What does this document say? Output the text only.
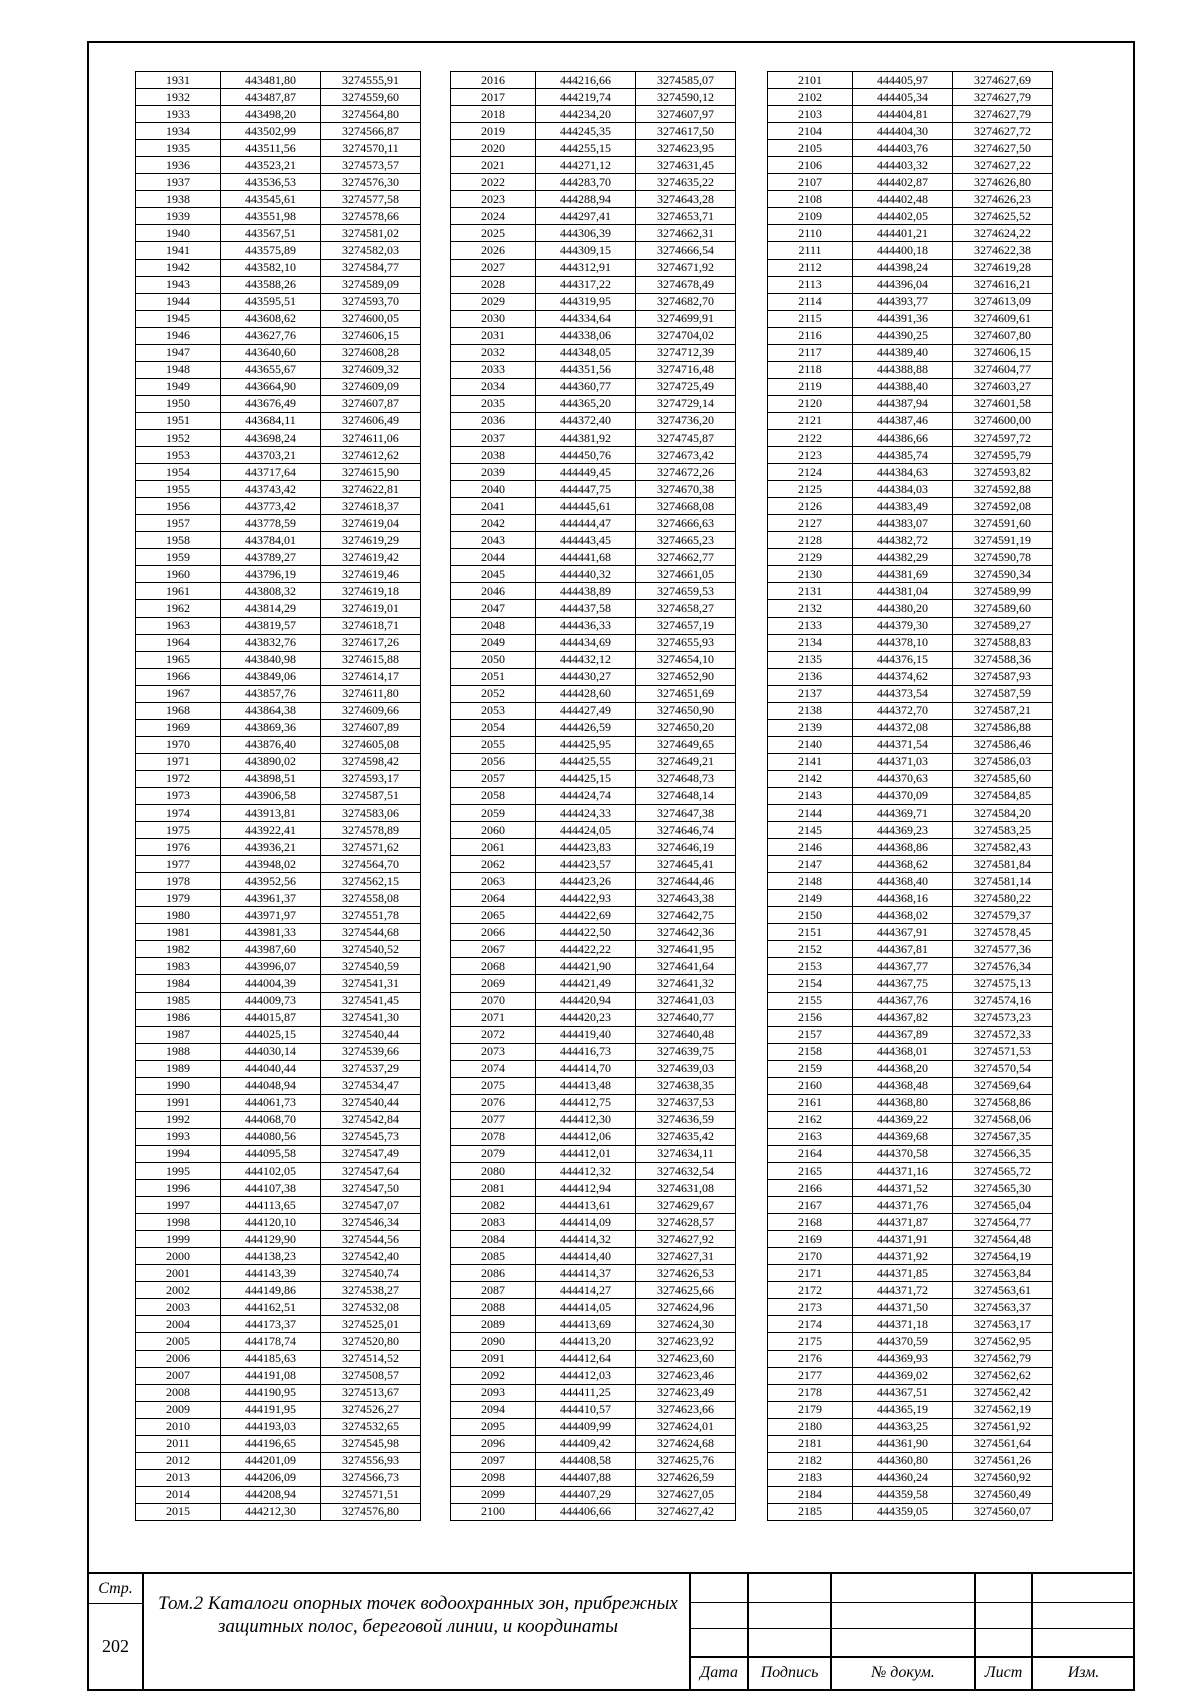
1931	443481,80	3274555,91
1932	443487,87	3274559,60
1933	443498,20	3274564,80
1934	443502,99	3274566,87
1935	443511,56	3274570,11
1936	443523,21	3274573,57
1937	443536,53	3274576,30
1938	443545,61	3274577,58
1939	443551,98	3274578,66
1940	443567,51	3274581,02
1941	443575,89	3274582,03
1942	443582,10	3274584,77
1943	443588,26	3274589,09
1944	443595,51	3274593,70
1945	443608,62	3274600,05
1946	443627,76	3274606,15
1947	443640,60	3274608,28
1948	443655,67	3274609,32
1949	443664,90	3274609,09
1950	443676,49	3274607,87
1951	443684,11	3274606,49
1952	443698,24	3274611,06
1953	443703,21	3274612,62
1954	443717,64	3274615,90
1955	443743,42	3274622,81
1956	443773,42	3274618,37
1957	443778,59	3274619,04
1958	443784,01	3274619,29
1959	443789,27	3274619,42
1960	443796,19	3274619,46
1961	443808,32	3274619,18
1962	443814,29	3274619,01
1963	443819,57	3274618,71
1964	443832,76	3274617,26
1965	443840,98	3274615,88
1966	443849,06	3274614,17
1967	443857,76	3274611,80
1968	443864,38	3274609,66
1969	443869,36	3274607,89
1970	443876,40	3274605,08
1971	443890,02	3274598,42
1972	443898,51	3274593,17
1973	443906,58	3274587,51
1974	443913,81	3274583,06
1975	443922,41	3274578,89
1976	443936,21	3274571,62
1977	443948,02	3274564,70
1978	443952,56	3274562,15
1979	443961,37	3274558,08
1980	443971,97	3274551,78
1981	443981,33	3274544,68
1982	443987,60	3274540,52
1983	443996,07	3274540,59
1984	444004,39	3274541,31
1985	444009,73	3274541,45
1986	444015,87	3274541,30
1987	444025,15	3274540,44
1988	444030,14	3274539,66
1989	444040,44	3274537,29
1990	444048,94	3274534,47
1991	444061,73	3274540,44
1992	444068,70	3274542,84
1993	444080,56	3274545,73
1994	444095,58	3274547,49
1995	444102,05	3274547,64
1996	444107,38	3274547,50
1997	444113,65	3274547,07
1998	444120,10	3274546,34
1999	444129,90	3274544,56
2000	444138,23	3274542,40
2001	444143,39	3274540,74
2002	444149,86	3274538,27
2003	444162,51	3274532,08
2004	444173,37	3274525,01
2005	444178,74	3274520,80
2006	444185,63	3274514,52
2007	444191,08	3274508,57
2008	444190,95	3274513,67
2009	444191,95	3274526,27
2010	444193,03	3274532,65
2011	444196,65	3274545,98
2012	444201,09	3274556,93
2013	444206,09	3274566,73
2014	444208,94	3274571,51
2015	444212,30	3274576,80
2016	444216,66	3274585,07
2017	444219,74	3274590,12
2018	444234,20	3274607,97
2019	444245,35	3274617,50
2020	444255,15	3274623,95
2021	444271,12	3274631,45
2022	444283,70	3274635,22
2023	444288,94	3274643,28
2024	444297,41	3274653,71
2025	444306,39	3274662,31
2026	444309,15	3274666,54
2027	444312,91	3274671,92
2028	444317,22	3274678,49
2029	444319,95	3274682,70
2030	444334,64	3274699,91
2031	444338,06	3274704,02
2032	444348,05	3274712,39
2033	444351,56	3274716,48
2034	444360,77	3274725,49
2035	444365,20	3274729,14
2036	444372,40	3274736,20
2037	444381,92	3274745,87
2038	444450,76	3274673,42
2039	444449,45	3274672,26
2040	444447,75	3274670,38
2041	444445,61	3274668,08
2042	444444,47	3274666,63
2043	444443,45	3274665,23
2044	444441,68	3274662,77
2045	444440,32	3274661,05
2046	444438,89	3274659,53
2047	444437,58	3274658,27
2048	444436,33	3274657,19
2049	444434,69	3274655,93
2050	444432,12	3274654,10
2051	444430,27	3274652,90
2052	444428,60	3274651,69
2053	444427,49	3274650,90
2054	444426,59	3274650,20
2055	444425,95	3274649,65
2056	444425,55	3274649,21
2057	444425,15	3274648,73
2058	444424,74	3274648,14
2059	444424,33	3274647,38
2060	444424,05	3274646,74
2061	444423,83	3274646,19
2062	444423,57	3274645,41
2063	444423,26	3274644,46
2064	444422,93	3274643,38
2065	444422,69	3274642,75
2066	444422,50	3274642,36
2067	444422,22	3274641,95
2068	444421,90	3274641,64
2069	444421,49	3274641,32
2070	444420,94	3274641,03
2071	444420,23	3274640,77
2072	444419,40	3274640,48
2073	444416,73	3274639,75
2074	444414,70	3274639,03
2075	444413,48	3274638,35
2076	444412,75	3274637,53
2077	444412,30	3274636,59
2078	444412,06	3274635,42
2079	444412,01	3274634,11
2080	444412,32	3274632,54
2081	444412,94	3274631,08
2082	444413,61	3274629,67
2083	444414,09	3274628,57
2084	444414,32	3274627,92
2085	444414,40	3274627,31
2086	444414,37	3274626,53
2087	444414,27	3274625,66
2088	444414,05	3274624,96
2089	444413,69	3274624,30
2090	444413,20	3274623,92
2091	444412,64	3274623,60
2092	444412,03	3274623,46
2093	444411,25	3274623,49
2094	444410,57	3274623,66
2095	444409,99	3274624,01
2096	444409,42	3274624,68
2097	444408,58	3274625,76
2098	444407,88	3274626,59
2099	444407,29	3274627,05
2100	444406,66	3274627,42
2101	444405,97	3274627,69
2102	444405,34	3274627,79
2103	444404,81	3274627,79
2104	444404,30	3274627,72
2105	444403,76	3274627,50
2106	444403,32	3274627,22
2107	444402,87	3274626,80
2108	444402,48	3274626,23
2109	444402,05	3274625,52
2110	444401,21	3274624,22
2111	444400,18	3274622,38
2112	444398,24	3274619,28
2113	444396,04	3274616,21
2114	444393,77	3274613,09
2115	444391,36	3274609,61
2116	444390,25	3274607,80
2117	444389,40	3274606,15
2118	444388,88	3274604,77
2119	444388,40	3274603,27
2120	444387,94	3274601,58
2121	444387,46	3274600,00
2122	444386,66	3274597,72
2123	444385,74	3274595,79
2124	444384,63	3274593,82
2125	444384,03	3274592,88
2126	444383,49	3274592,08
2127	444383,07	3274591,60
2128	444382,72	3274591,19
2129	444382,29	3274590,78
2130	444381,69	3274590,34
2131	444381,04	3274589,99
2132	444380,20	3274589,60
2133	444379,30	3274589,27
2134	444378,10	3274588,83
2135	444376,15	3274588,36
2136	444374,62	3274587,93
2137	444373,54	3274587,59
2138	444372,70	3274587,21
2139	444372,08	3274586,88
2140	444371,54	3274586,46
2141	444371,03	3274586,03
2142	444370,63	3274585,60
2143	444370,09	3274584,85
2144	444369,71	3274584,20
2145	444369,23	3274583,25
2146	444368,86	3274582,43
2147	444368,62	3274581,84
2148	444368,40	3274581,14
2149	444368,16	3274580,22
2150	444368,02	3274579,37
2151	444367,91	3274578,45
2152	444367,81	3274577,36
2153	444367,77	3274576,34
2154	444367,75	3274575,13
2155	444367,76	3274574,16
2156	444367,82	3274573,23
2157	444367,89	3274572,33
2158	444368,01	3274571,53
2159	444368,20	3274570,54
2160	444368,48	3274569,64
2161	444368,80	3274568,86
2162	444369,22	3274568,06
2163	444369,68	3274567,35
2164	444370,58	3274566,35
2165	444371,16	3274565,72
2166	444371,52	3274565,30
2167	444371,76	3274565,04
2168	444371,87	3274564,77
2169	444371,91	3274564,48
2170	444371,92	3274564,19
2171	444371,85	3274563,84
2172	444371,72	3274563,61
2173	444371,50	3274563,37
2174	444371,18	3274563,17
2175	444370,59	3274562,95
2176	444369,93	3274562,79
2177	444369,02	3274562,62
2178	444367,51	3274562,42
2179	444365,19	3274562,19
2180	444363,25	3274561,92
2181	444361,90	3274561,64
2182	444360,80	3274561,26
2183	444360,24	3274560,92
2184	444359,58	3274560,49
2185	444359,05	3274560,07
Стр.
202
Том.2 Каталоги опорных точек водоохранных зон, прибрежных
защитных полос, береговой линии, и координаты
Дата	Подпись	№ докум.	Лист	Изм.
